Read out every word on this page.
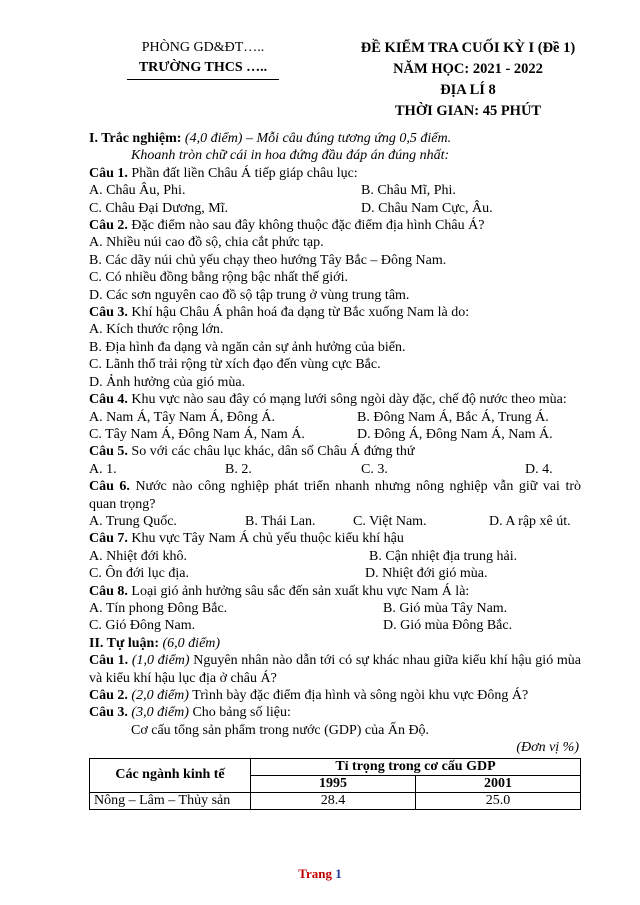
PHÒNG GD&ĐT…..
TRƯỜNG THCS …..
ĐỀ KIỂM TRA CUỐI KỲ I (Đề 1)
NĂM HỌC: 2021 - 2022
ĐỊA LÍ 8
THỜI GIAN: 45 PHÚT
I. Trắc nghiệm: (4,0 điểm) – Mỗi câu đúng tương ứng 0,5 điểm.
Khoanh tròn chữ cái in hoa đứng đầu đáp án đúng nhất:
Câu 1. Phần đất liền Châu Á tiếp giáp châu lục:
A. Châu Âu, Phi.	B. Châu Mĩ, Phi.
C. Châu Đại Dương, Mĩ.	D. Châu Nam Cực, Âu.
Câu 2. Đặc điểm nào sau đây không thuộc đặc điểm địa hình Châu Á?
A. Nhiều núi cao đồ sộ, chia cắt phức tạp.
B. Các dãy núi chủ yếu chạy theo hướng Tây Bắc – Đông Nam.
C. Có nhiều đồng bằng rộng bậc nhất thế giới.
D. Các sơn nguyên cao đồ sộ tập trung ở vùng trung tâm.
Câu 3. Khí hậu Châu Á phân hoá đa dạng từ Bắc xuống Nam là do:
A. Kích thước rộng lớn.
B. Địa hình đa dạng và ngăn cản sự ảnh hưởng của biển.
C. Lãnh thổ trải rộng từ xích đạo đến vùng cực Bắc.
D. Ảnh hưởng của gió mùa.
Câu 4. Khu vực nào sau đây có mạng lưới sông ngòi dày đặc, chế độ nước theo mùa:
A. Nam Á, Tây Nam Á, Đông Á.	B. Đông Nam Á, Bắc Á, Trung Á.
C. Tây Nam Á, Đông Nam Á, Nam Á.	D. Đông Á, Đông Nam Á, Nam Á.
Câu 5. So với các châu lục khác, dân số Châu Á đứng thứ
A. 1.	B. 2.	C. 3.	D. 4.
Câu 6. Nước nào công nghiệp phát triển nhanh nhưng nông nghiệp vẫn giữ vai trò quan trọng?
A. Trung Quốc.	B. Thái Lan.	C. Việt Nam.	D. A rập xê út.
Câu 7. Khu vực Tây Nam Á chủ yếu thuộc kiểu khí hậu
A. Nhiệt đới khô.	B. Cận nhiệt địa trung hải.
C. Ôn đới lục địa.	D. Nhiệt đới gió mùa.
Câu 8. Loại gió ảnh hưởng sâu sắc đến sản xuất khu vực Nam Á là:
A. Tín phong Đông Bắc.	B. Gió mùa Tây Nam.
C. Gió Đông Nam.	D. Gió mùa Đông Bắc.
II. Tự luận: (6,0 điểm)
Câu 1. (1,0 điểm) Nguyên nhân nào dẫn tới có sự khác nhau giữa kiểu khí hậu gió mùa và kiểu khí hậu lục địa ở châu Á?
Câu 2. (2,0 điểm) Trình bày đặc điểm địa hình và sông ngòi khu vực Đông Á?
Câu 3. (3,0 điểm) Cho bảng số liệu:
Cơ cấu tổng sản phẩm trong nước (GDP) của Ấn Độ.
(Đơn vị %)
Các ngành kinh tế	Tỉ trọng trong cơ cấu GDP	
	1995	2001
Nông – Lâm – Thủy sản	28.4	25.0
Trang 1
